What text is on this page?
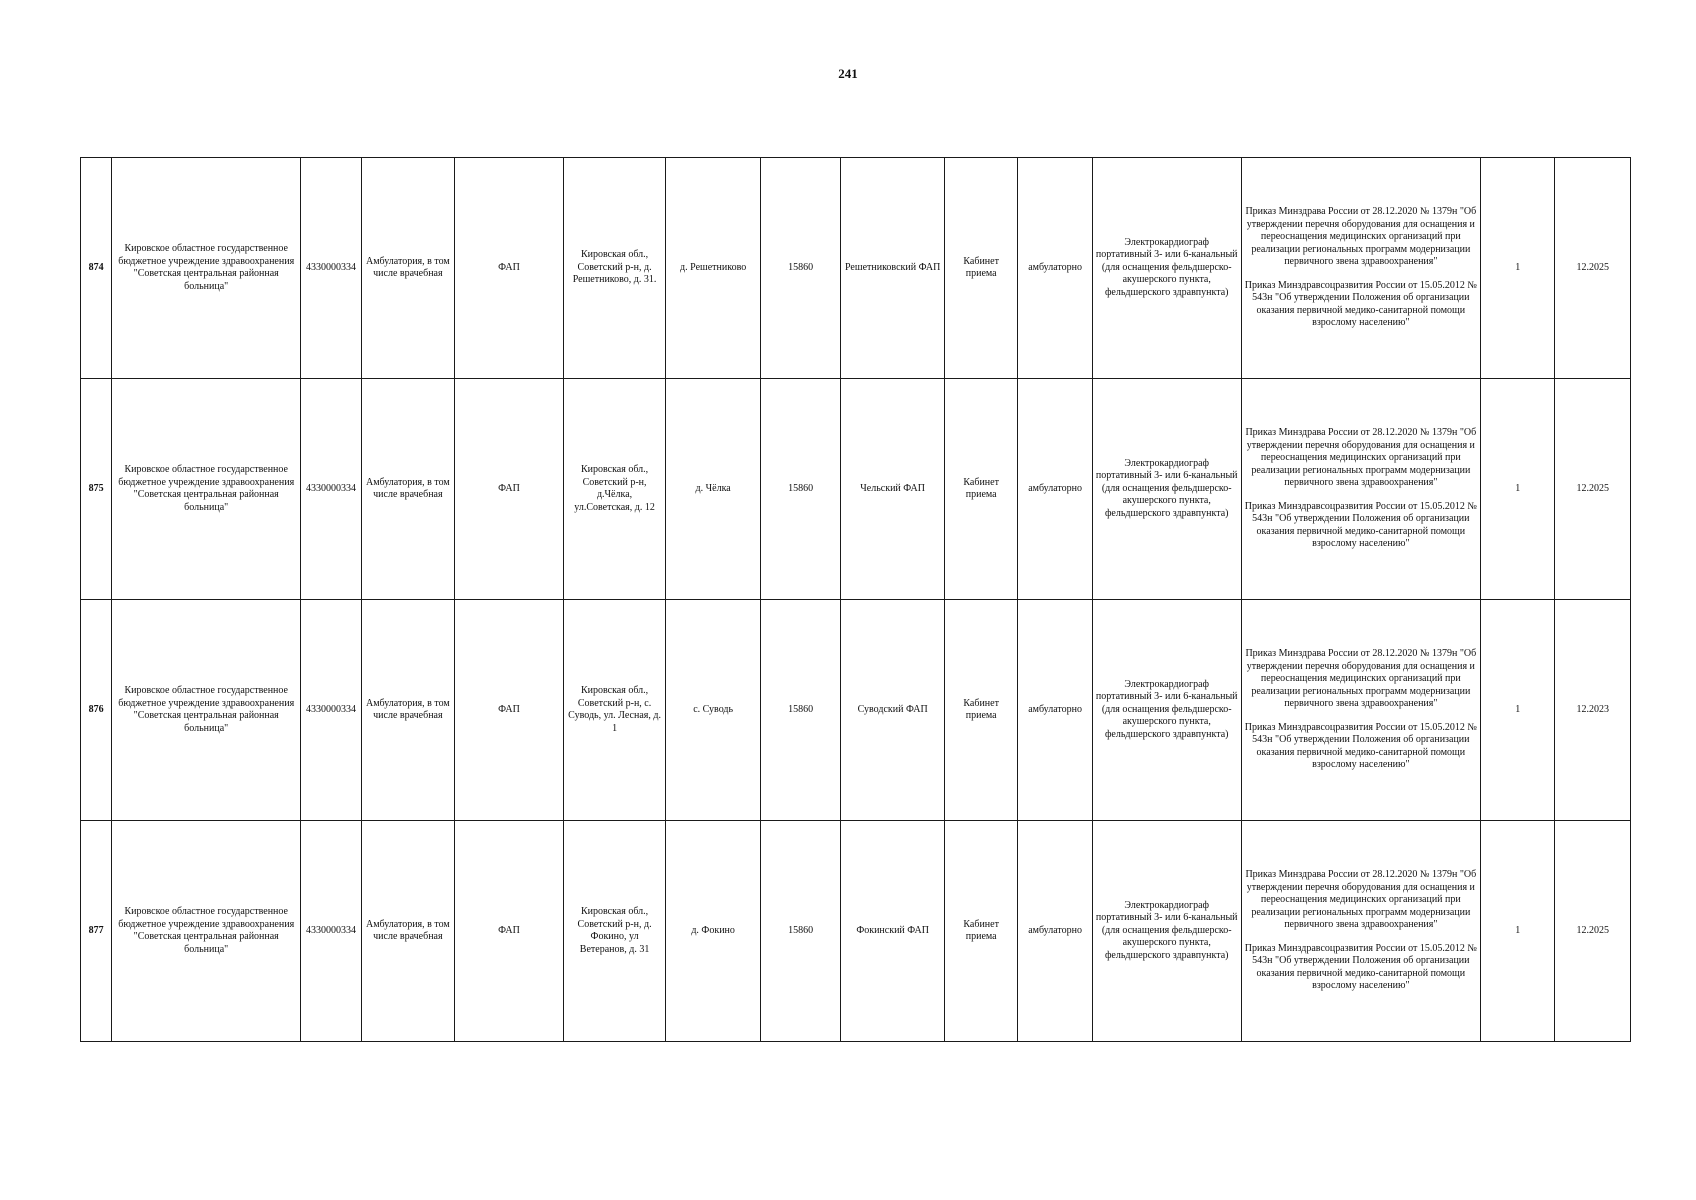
241
874	Кировское областное государственное бюджетное учреждение здравоохранения "Советская центральная районная больница"	4330000334	Амбулатория, в том числе врачебная	ФАП	Кировская обл., Советский р-н, д. Решетниково, д. 31.	д. Решетниково	15860	Решетниковский ФАП	Кабинет приема	амбулаторно	Электрокардиограф портативный 3- или 6-канальный (для оснащения фельдшерско-акушерского пункта, фельдшерского здравпункта)	Приказ Минздрава России от 28.12.2020 № 1379н "Об утверждении перечня оборудования для оснащения и переоснащения медицинских организаций при реализации региональных программ модернизации первичного звена здравоохранения"
Приказ Минздравсоцразвития России от 15.05.2012 № 543н "Об утверждении Положения об организации оказания первичной медико-санитарной помощи взрослому населению"	1	12.2025
875	Кировское областное государственное бюджетное учреждение здравоохранения "Советская центральная районная больница"	4330000334	Амбулатория, в том числе врачебная	ФАП	Кировская обл., Советский р-н, д.Чёлка, ул.Советская, д. 12	д. Чёлка	15860	Чельский ФАП	Кабинет приема	амбулаторно	Электрокардиограф портативный 3- или 6-канальный (для оснащения фельдшерско-акушерского пункта, фельдшерского здравпункта)	Приказ Минздрава России от 28.12.2020 № 1379н "Об утверждении перечня оборудования для оснащения и переоснащения медицинских организаций при реализации региональных программ модернизации первичного звена здравоохранения"
Приказ Минздравсоцразвития России от 15.05.2012 № 543н "Об утверждении Положения об организации оказания первичной медико-санитарной помощи взрослому населению"	1	12.2025
876	Кировское областное государственное бюджетное учреждение здравоохранения "Советская центральная районная больница"	4330000334	Амбулатория, в том числе врачебная	ФАП	Кировская обл., Советский р-н, с. Суводь, ул. Лесная, д. 1	с. Суводь	15860	Суводский ФАП	Кабинет приема	амбулаторно	Электрокардиограф портативный 3- или 6-канальный (для оснащения фельдшерско-акушерского пункта, фельдшерского здравпункта)	Приказ Минздрава России от 28.12.2020 № 1379н "Об утверждении перечня оборудования для оснащения и переоснащения медицинских организаций при реализации региональных программ модернизации первичного звена здравоохранения"
Приказ Минздравсоцразвития России от 15.05.2012 № 543н "Об утверждении Положения об организации оказания первичной медико-санитарной помощи взрослому населению"	1	12.2023
877	Кировское областное государственное бюджетное учреждение здравоохранения "Советская центральная районная больница"	4330000334	Амбулатория, в том числе врачебная	ФАП	Кировская обл., Советский р-н, д. Фокино, ул Ветеранов, д. 31	д. Фокино	15860	Фокинский ФАП	Кабинет приема	амбулаторно	Электрокардиограф портативный 3- или 6-канальный (для оснащения фельдшерско-акушерского пункта, фельдшерского здравпункта)	Приказ Минздрава России от 28.12.2020 № 1379н "Об утверждении перечня оборудования для оснащения и переоснащения медицинских организаций при реализации региональных программ модернизации первичного звена здравоохранения"
Приказ Минздравсоцразвития России от 15.05.2012 № 543н "Об утверждении Положения об организации оказания первичной медико-санитарной помощи взрослому населению"	1	12.2025
